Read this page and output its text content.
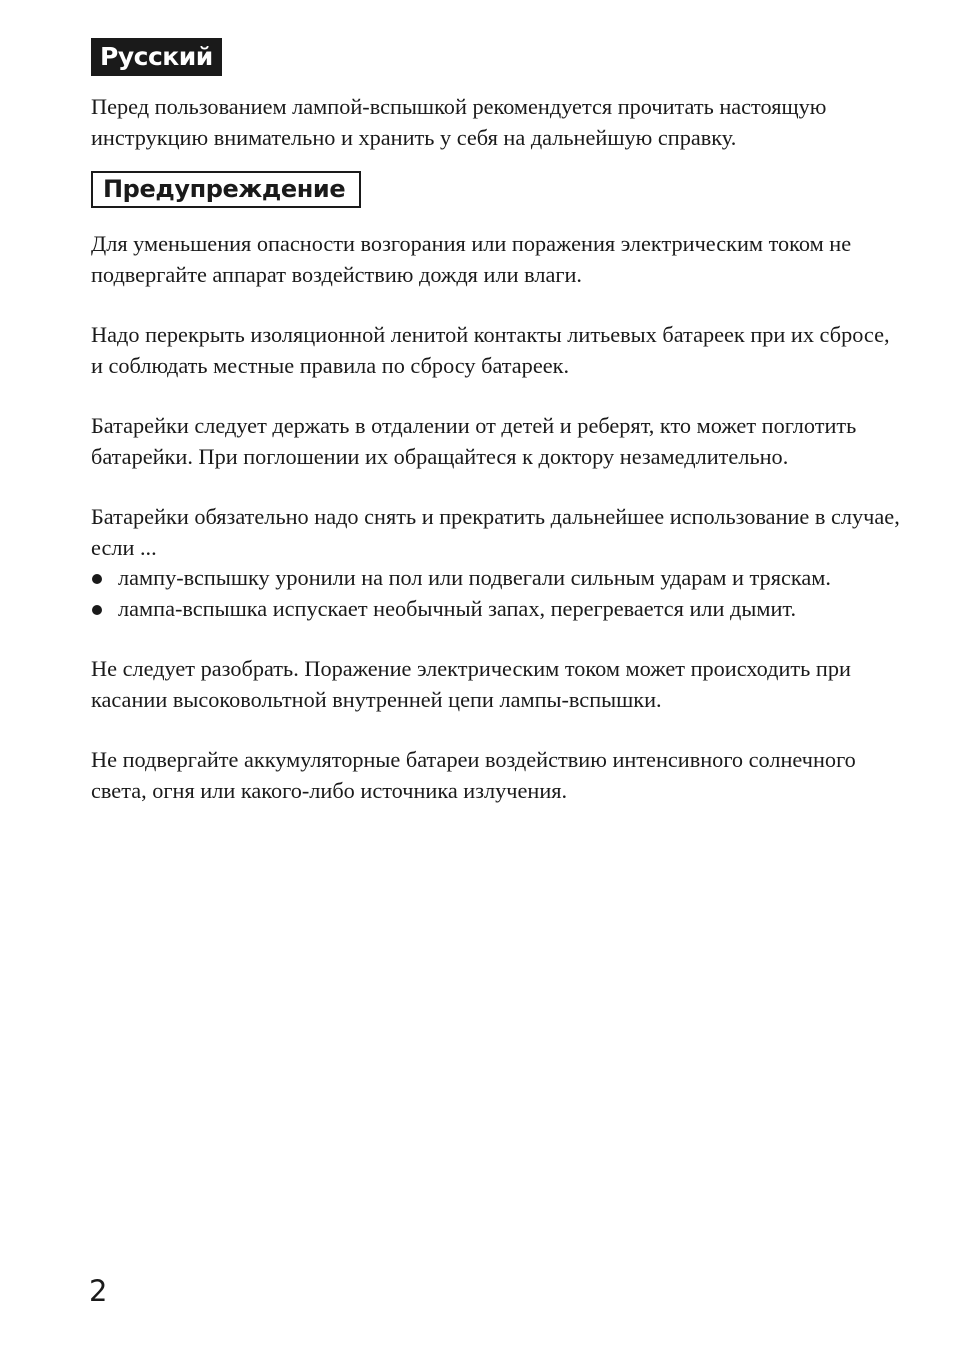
Русский

Перед пользованием лампой-вспышкой рекомендуется прочитать настоящую инструкцию внимательно и хранить у себя на дальнейшую справку.

Предупреждение

Для уменьшения опасности возгорания или поражения электрическим током не подвергайте аппарат воздействию дождя или влаги.

Надо перекрыть изоляционной ленитой контакты литьевых батареек при их сбросе, и соблюдать местные правила по сбросу батареек.

Батарейки следует держать в отдалении от детей и реберят, кто может поглотить батарейки. При поглошении их обращайтеся к доктору незамедлительно.

Батарейки обязательно надо снять и прекратить дальнейшее использование в случае, если ...

лампу-вспышку уронили на пол или подвегали сильным ударам и тряскам.
лампа-вспышка испускает необычный запах, перегревается или дымит.

Не следует разобрать. Поражение электрическим током может происходить при касании высоковольтной внутренней цепи лампы-вспышки.

Не подвергайте аккумуляторные батареи воздействию интенсивного солнечного света, огня или какого-либо источника излучения.

2
